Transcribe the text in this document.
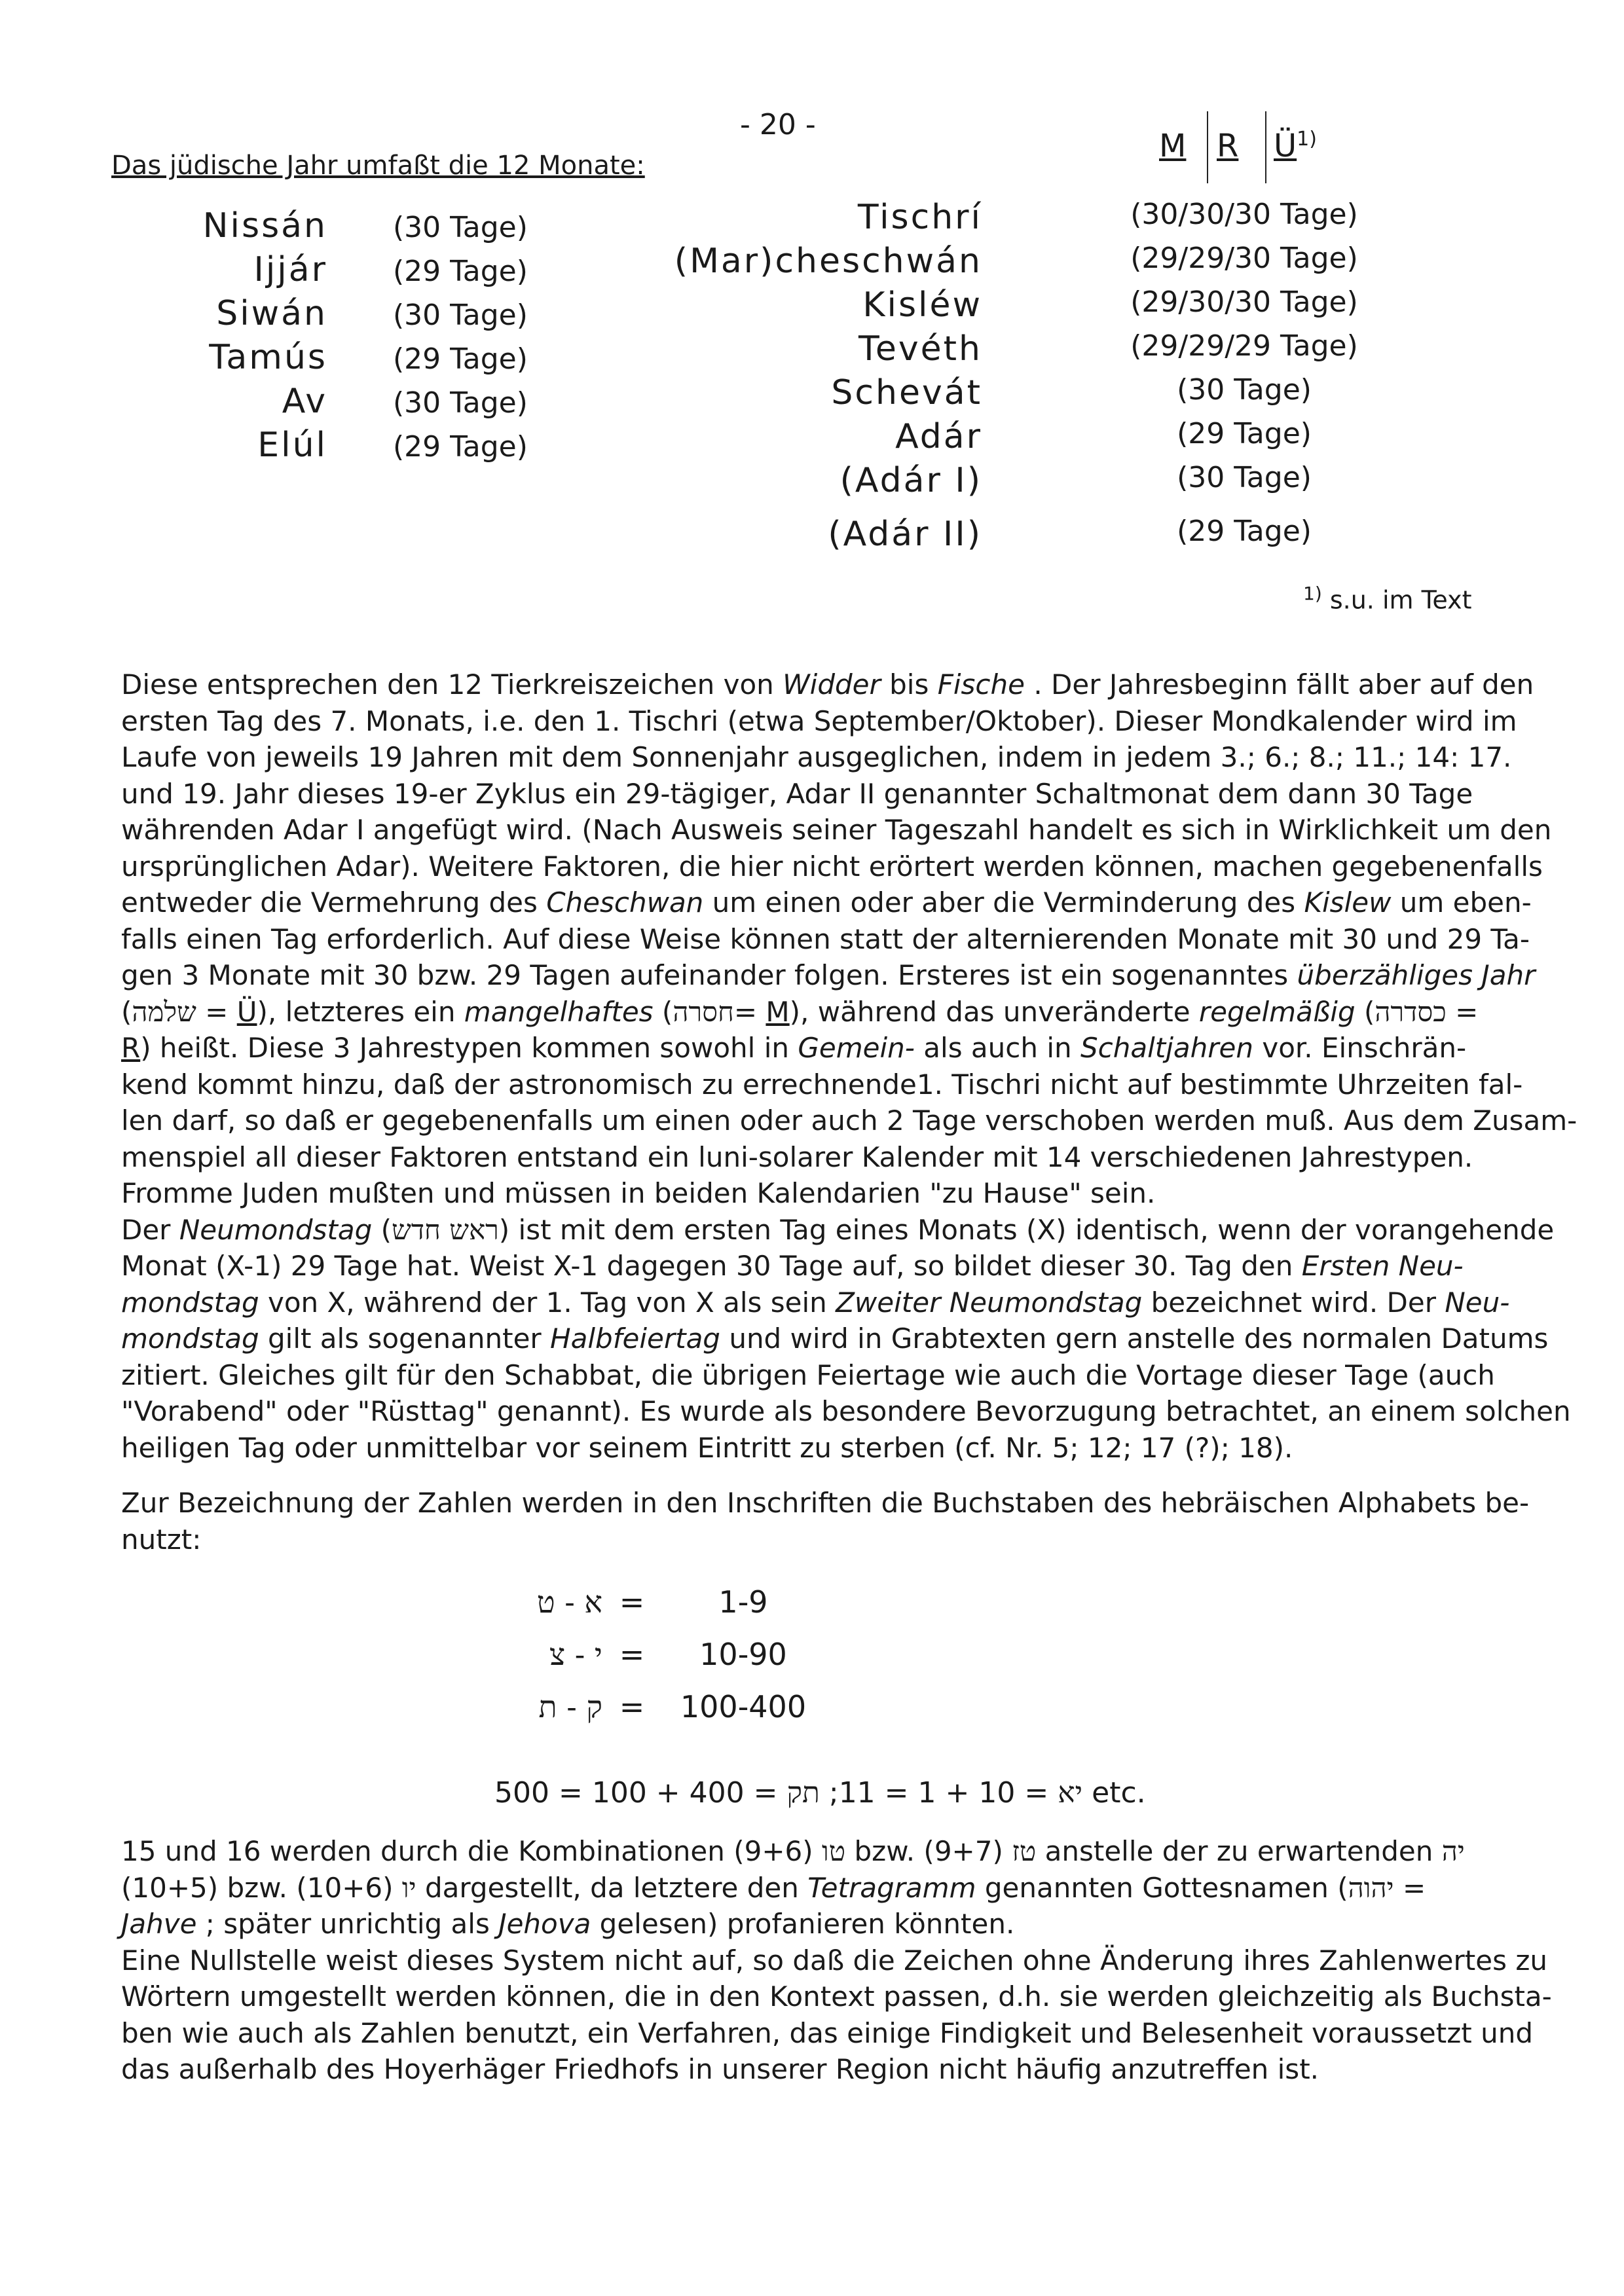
- 20 -
Das jüdische Jahr umfaßt die 12 Monate:
M R $Ü^{1)}$
Nissán (30 Tage)
Ijjár (29 Tage)
Siwán (30 Tage)
Tamús (29 Tage)
Av (30 Tage)
Elúl (29 Tage)
Tischrí	(30/30/30 Tage)
(Mar)cheschwán	(29/29/30 Tage)
Kisléw	(29/30/30 Tage)
Tevéth	(29/29/29 Tage)
Schevát	(30 Tage)
Adár	(29 Tage)
(Adár I)	(30 Tage)
(Adár II)	(29 Tage)
$^{1)}$ s.u. im Text
Diese entsprechen den 12 Tierkreiszeichen von Widder bis Fische . Der Jahresbeginn fällt aber auf den
ersten Tag des 7. Monats, i.e. den 1. Tischri (etwa September/Oktober). Dieser Mondkalender wird im
Laufe von jeweils 19 Jahren mit dem Sonnenjahr ausgeglichen, indem in jedem 3.; 6.; 8.; 11.; 14: 17.
und 19. Jahr dieses 19-er Zyklus ein 29-tägiger, Adar II genannter Schaltmonat dem dann 30 Tage
währenden Adar I angefügt wird. (Nach Ausweis seiner Tageszahl handelt es sich in Wirklichkeit um den
ursprünglichen Adar). Weitere Faktoren, die hier nicht erörtert werden können, machen gegebenenfalls
entweder die Vermehrung des Cheschwan um einen oder aber die Verminderung des Kislew um eben-
falls einen Tag erforderlich. Auf diese Weise können statt der alternierenden Monate mit 30 und 29 Ta-
gen 3 Monate mit 30 bzw. 29 Tagen aufeinander folgen. Ersteres ist ein sogenanntes überzähliges Jahr
(שלמה = Ü), letzteres ein mangelhaftes (חסרה= M), während das unveränderte regelmäßig (כסדרה =
R) heißt. Diese 3 Jahrestypen kommen sowohl in Gemein- als auch in Schaltjahren vor. Einschrän-
kend kommt hinzu, daß der astronomisch zu errechnende1. Tischri nicht auf bestimmte Uhrzeiten fal-
len darf, so daß er gegebenenfalls um einen oder auch 2 Tage verschoben werden muß. Aus dem Zusam-
menspiel all dieser Faktoren entstand ein luni-solarer Kalender mit 14 verschiedenen Jahrestypen.
Fromme Juden mußten und müssen in beiden Kalendarien "zu Hause" sein.
Der Neumondstag (ראש חדש) ist mit dem ersten Tag eines Monats (X) identisch, wenn der vorangehende
Monat (X-1) 29 Tage hat. Weist X-1 dagegen 30 Tage auf, so bildet dieser 30. Tag den Ersten Neu-
mondstag von X, während der 1. Tag von X als sein Zweiter Neumondstag bezeichnet wird. Der Neu-
mondstag gilt als sogenannter Halbfeiertag und wird in Grabtexten gern anstelle des normalen Datums
zitiert. Gleiches gilt für den Schabbat, die übrigen Feiertage wie auch die Vortage dieser Tage (auch
"Vorabend" oder "Rüsttag" genannt). Es wurde als besondere Bevorzugung betrachtet, an einem solchen
heiligen Tag oder unmittelbar vor seinem Eintritt zu sterben (cf. Nr. 5; 12; 17 (?); 18).
Zur Bezeichnung der Zahlen werden in den Inschriften die Buchstaben des hebräischen Alphabets be-
nutzt:
א - ט = 1-9
י - צ = 10-90
ק - ת = 100-400
יא = 10 + 1 = 11; תק = 400 + 100 = 500 etc.
15 und 16 werden durch die Kombinationen	טו (9+6) bzw.	טז (9+7) anstelle der zu erwartenden יה
(10+5) bzw.	יו (10+6) dargestellt, da letztere den Tetragramm genannten Gottesnamen (יהוה =
Jahve ; später unrichtig als Jehova gelesen) profanieren könnten.
Eine Nullstelle weist dieses System nicht auf, so daß die Zeichen ohne Änderung ihres Zahlenwertes zu
Wörtern umgestellt werden können, die in den Kontext passen, d.h. sie werden gleichzeitig als Buchsta-
ben wie auch als Zahlen benutzt, ein Verfahren, das einige Findigkeit und Belesenheit voraussetzt und
das außerhalb des Hoyerhäger Friedhofs in unserer Region nicht häufig anzutreffen ist.
